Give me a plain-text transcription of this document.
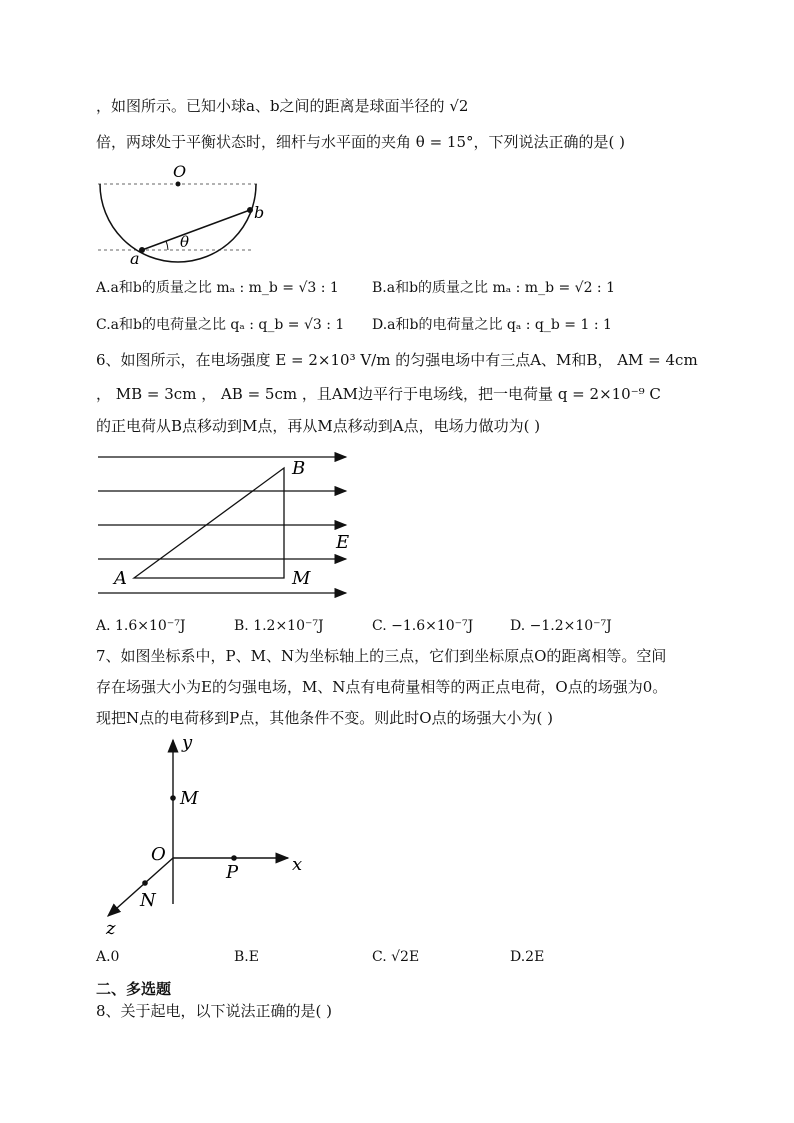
，如图所示。已知小球a、b之间的距离是球面半径的 √2
倍，两球处于平衡状态时，细杆与水平面的夹角 θ = 15°，下列说法正确的是( )
O
a
b
θ
A.a和b的质量之比 mₐ : m_b = √3 : 1 B.a和b的质量之比 mₐ : m_b = √2 : 1
C.a和b的电荷量之比 qₐ : q_b = √3 : 1 D.a和b的电荷量之比 qₐ : q_b = 1 : 1
6、如图所示，在电场强度 E = 2×10³ V/m 的匀强电场中有三点A、M和B， AM = 4cm
， MB = 3cm ， AB = 5cm ，且AM边平行于电场线，把一电荷量 q = 2×10⁻⁹ C
的正电荷从B点移动到M点，再从M点移动到A点，电场力做功为( )
B
A	M
E
A. 1.6×10⁻⁷J	B. 1.2×10⁻⁷J	C. −1.6×10⁻⁷J	D. −1.2×10⁻⁷J
7、如图坐标系中，P、M、N为坐标轴上的三点，它们到坐标原点O的距离相等。空间
存在场强大小为E的匀强电场，M、N点有电荷量相等的两正点电荷，O点的场强为0。
现把N点的电荷移到P点，其他条件不变。则此时O点的场强大小为( )
y
M
O
P	x
N
z
A.0	B.E	C. √2E	D.2E
二、多选题
8、关于起电，以下说法正确的是( )
